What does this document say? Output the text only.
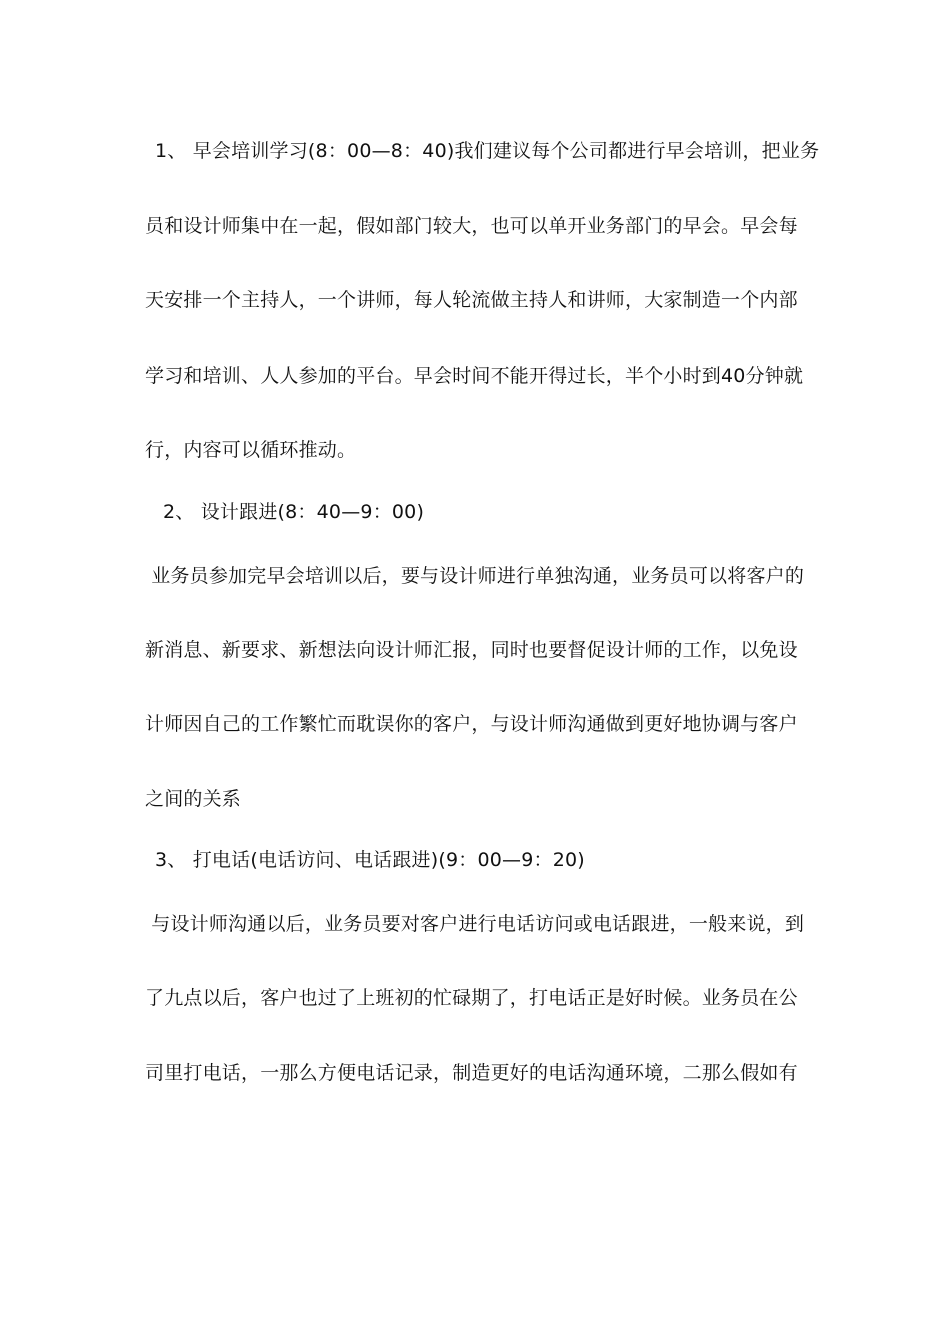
1、 早会培训学习(8：00—8：40)我们建议每个公司都进行早会培训，把业务
员和设计师集中在一起，假如部门较大，也可以单开业务部门的早会。早会每
天安排一个主持人，一个讲师，每人轮流做主持人和讲师，大家制造一个内部
学习和培训、人人参加的平台。早会时间不能开得过长，半个小时到40分钟就
行，内容可以循环推动。
2、 设计跟进(8：40—9：00)
业务员参加完早会培训以后，要与设计师进行单独沟通，业务员可以将客户的
新消息、新要求、新想法向设计师汇报，同时也要督促设计师的工作，以免设
计师因自己的工作繁忙而耽误你的客户，与设计师沟通做到更好地协调与客户
之间的关系
3、 打电话(电话访问、电话跟进)(9：00—9：20)
与设计师沟通以后，业务员要对客户进行电话访问或电话跟进，一般来说，到
了九点以后，客户也过了上班初的忙碌期了，打电话正是好时候。业务员在公
司里打电话，一那么方便电话记录，制造更好的电话沟通环境，二那么假如有
